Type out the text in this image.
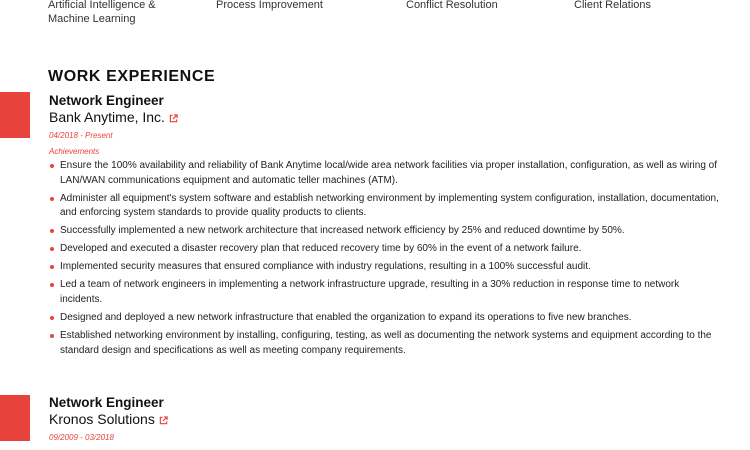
Artificial Intelligence & Machine Learning
Process Improvement	Conflict Resolution	Client Relations
WORK EXPERIENCE
Network Engineer
Bank Anytime, Inc.
04/2018 - Present
Achievements
Ensure the 100% availability and reliability of Bank Anytime local/wide area network facilities via proper installation, configuration, as well as wiring of LAN/WAN communications equipment and automatic teller machines (ATM).
Administer all equipment's system software and establish networking environment by implementing system configuration, installation, documentation, and enforcing system standards to provide quality products to clients.
Successfully implemented a new network architecture that increased network efficiency by 25% and reduced downtime by 50%.
Developed and executed a disaster recovery plan that reduced recovery time by 60% in the event of a network failure.
Implemented security measures that ensured compliance with industry regulations, resulting in a 100% successful audit.
Led a team of network engineers in implementing a network infrastructure upgrade, resulting in a 30% reduction in response time to network incidents.
Designed and deployed a new network infrastructure that enabled the organization to expand its operations to five new branches.
Established networking environment by installing, configuring, testing, as well as documenting the network systems and equipment according to the standard design and specifications as well as meeting company requirements.
Network Engineer
Kronos Solutions
09/2009 - 03/2018
